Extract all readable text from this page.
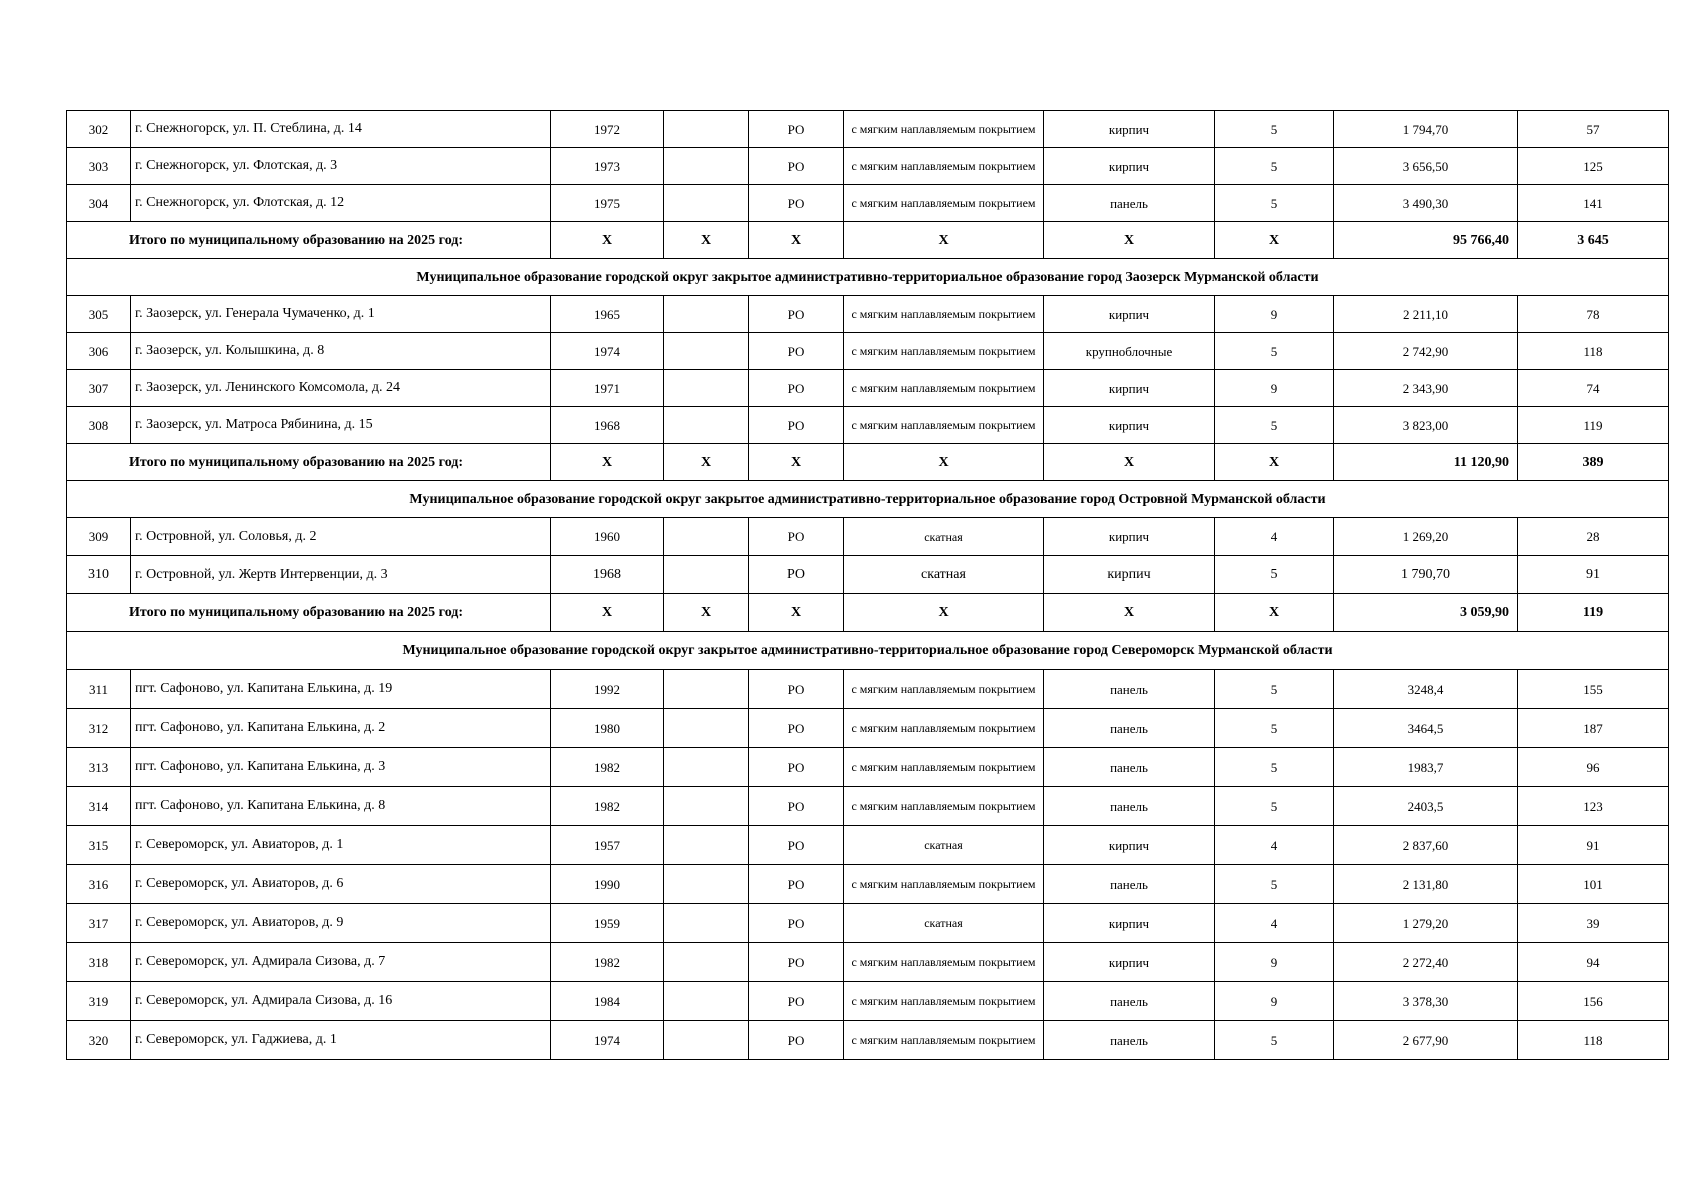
302	г. Снежногорск, ул. П. Стеблина, д. 14	1972		РО	с мягким наплавляемым покрытием	кирпич	5	1 794,70	57
303	г. Снежногорск, ул. Флотская, д. 3	1973		РО	с мягким наплавляемым покрытием	кирпич	5	3 656,50	125
304	г. Снежногорск, ул. Флотская, д. 12	1975		РО	с мягким наплавляемым покрытием	панель	5	3 490,30	141
Итого по муниципальному образованию на 2025 год:		Х	Х	Х	Х	Х	Х	95 766,40	3 645
Муниципальное образование городской округ закрытое административно-территориальное образование город Заозерск Мурманской области									
305	г. Заозерск, ул. Генерала Чумаченко, д. 1	1965		РО	с мягким наплавляемым покрытием	кирпич	9	2 211,10	78
306	г. Заозерск, ул. Колышкина, д. 8	1974		РО	с мягким наплавляемым покрытием	крупноблочные	5	2 742,90	118
307	г. Заозерск, ул. Ленинского Комсомола, д. 24	1971		РО	с мягким наплавляемым покрытием	кирпич	9	2 343,90	74
308	г. Заозерск, ул. Матроса Рябинина, д. 15	1968		РО	с мягким наплавляемым покрытием	кирпич	5	3 823,00	119
Итого по муниципальному образованию на 2025 год:		Х	Х	Х	Х	Х	Х	11 120,90	389
Муниципальное образование городской округ закрытое административно-территориальное образование город Островной Мурманской области									
309	г. Островной, ул. Соловья, д. 2	1960		РО	скатная	кирпич	4	1 269,20	28
310	г. Островной, ул. Жертв Интервенции, д. 3	1968		РО	скатная	кирпич	5	1 790,70	91
Итого по муниципальному образованию на 2025 год:		Х	Х	Х	Х	Х	Х	3 059,90	119
Муниципальное образование городской округ закрытое административно-территориальное образование город Североморск Мурманской области									
311	пгт. Сафоново, ул. Капитана Елькина, д. 19	1992		РО	с мягким наплавляемым покрытием	панель	5	3248,4	155
312	пгт. Сафоново, ул. Капитана Елькина, д. 2	1980		РО	с мягким наплавляемым покрытием	панель	5	3464,5	187
313	пгт. Сафоново, ул. Капитана Елькина, д. 3	1982		РО	с мягким наплавляемым покрытием	панель	5	1983,7	96
314	пгт. Сафоново, ул. Капитана Елькина, д. 8	1982		РО	с мягким наплавляемым покрытием	панель	5	2403,5	123
315	г. Североморск, ул. Авиаторов, д. 1	1957		РО	скатная	кирпич	4	2 837,60	91
316	г. Североморск, ул. Авиаторов, д. 6	1990		РО	с мягким наплавляемым покрытием	панель	5	2 131,80	101
317	г. Североморск, ул. Авиаторов, д. 9	1959		РО	скатная	кирпич	4	1 279,20	39
318	г. Североморск, ул. Адмирала Сизова, д. 7	1982		РО	с мягким наплавляемым покрытием	кирпич	9	2 272,40	94
319	г. Североморск, ул. Адмирала Сизова, д. 16	1984		РО	с мягким наплавляемым покрытием	панель	9	3 378,30	156
320	г. Североморск, ул. Гаджиева, д. 1	1974		РО	с мягким наплавляемым покрытием	панель	5	2 677,90	118
